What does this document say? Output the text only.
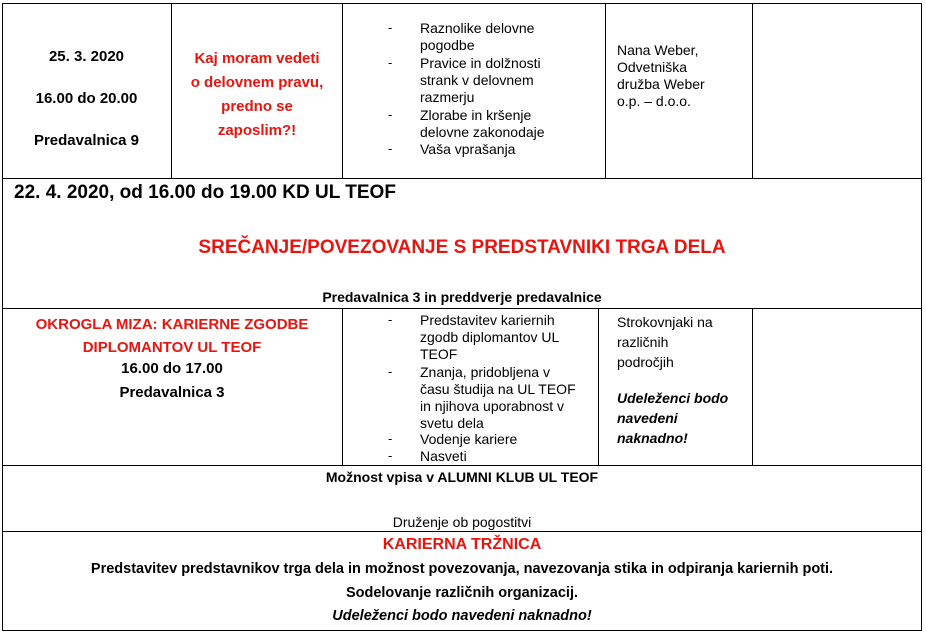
25. 3. 2020
16.00 do 20.00
Predavalnica 9
Kaj moram vedeti
o delovnem pravu,
predno se
zaposlim?!
- Raznolike delovne
pogodbe
- Pravice in dolžnosti
strank v delovnem
razmerju
- Zlorabe in kršenje
delovne zakonodaje
- Vaša vprašanja
Nana Weber,
Odvetniška
družba Weber
o.p. – d.o.o.
22. 4. 2020, od 16.00 do 19.00 KD UL TEOF
SREČANJE/POVEZOVANJE S PREDSTAVNIKI TRGA DELA
Predavalnica 3 in preddverje predavalnice
OKROGLA MIZA: KARIERNE ZGODBE
DIPLOMANTOV UL TEOF
16.00 do 17.00
Predavalnica 3
- Predstavitev kariernih
zgodb diplomantov UL
TEOF
- Znanja, pridobljena v
času študija na UL TEOF
in njihova uporabnost v
svetu dela
- Vodenje kariere
- Nasveti
Strokovnjaki na
različnih
področjih
Udeleženci bodo
navedeni
naknadno!
Možnost vpisa v ALUMNI KLUB UL TEOF
Druženje ob pogostitvi
KARIERNA TRŽNICA
Predstavitev predstavnikov trga dela in možnost povezovanja, navezovanja stika in odpiranja kariernih poti.
Sodelovanje različnih organizacij.
Udeleženci bodo navedeni naknadno!
